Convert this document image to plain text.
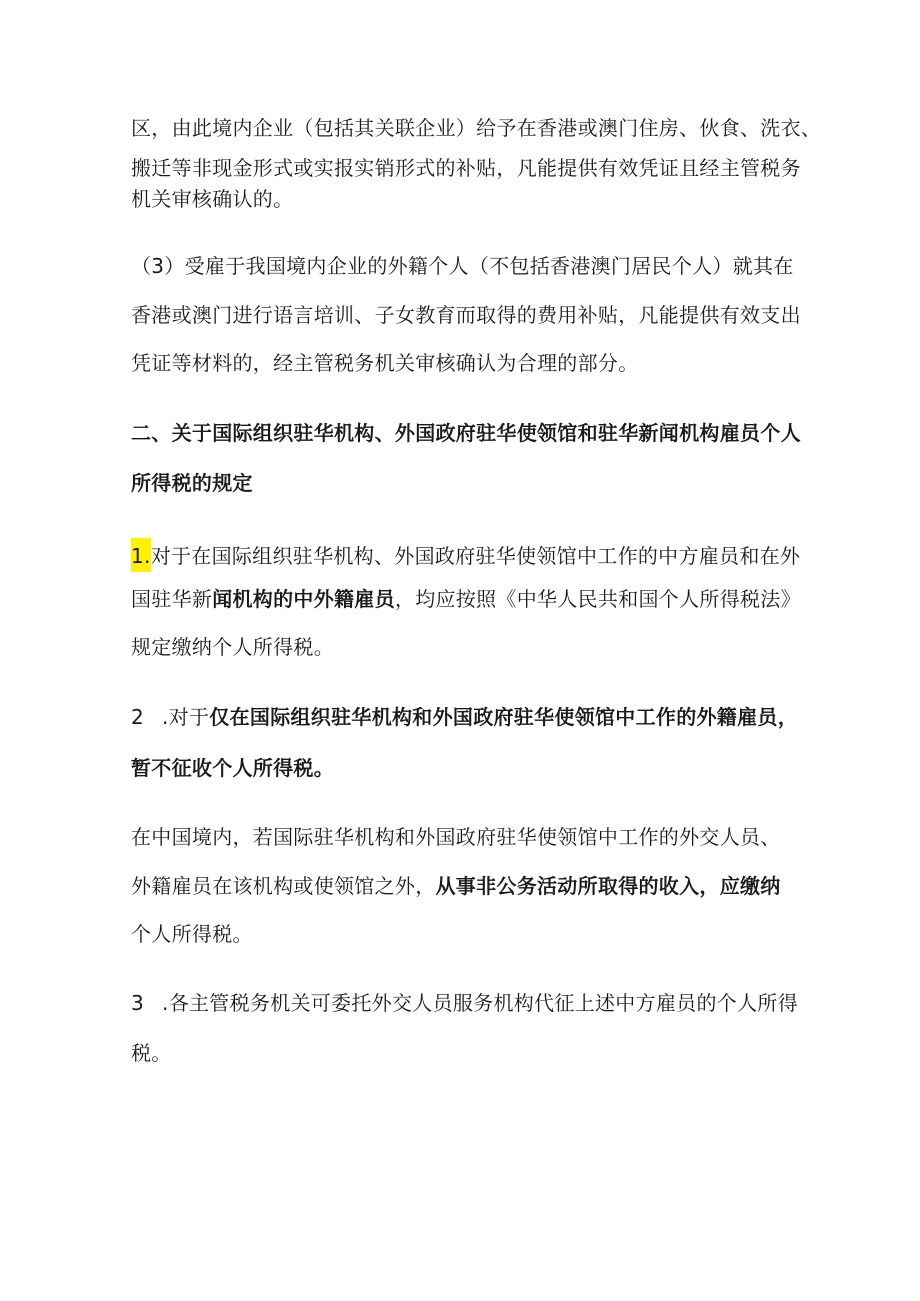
区，由此境内企业（包括其关联企业）给予在香港或澳门住房、伙食、洗衣、
搬迁等非现金形式或实报实销形式的补贴，凡能提供有效凭证且经主管税务
机关审核确认的。
（3）受雇于我国境内企业的外籍个人（不包括香港澳门居民个人）就其在
香港或澳门进行语言培训、子女教育而取得的费用补贴，凡能提供有效支出
凭证等材料的，经主管税务机关审核确认为合理的部分。
二、关于国际组织驻华机构、外国政府驻华使领馆和驻华新闻机构雇员个人
所得税的规定
1.对于在国际组织驻华机构、外国政府驻华使领馆中工作的中方雇员和在外
国驻华新闻机构的中外籍雇员，均应按照《中华人民共和国个人所得税法》
规定缴纳个人所得税。
2 .对于仅在国际组织驻华机构和外国政府驻华使领馆中工作的外籍雇员，
暂不征收个人所得税。
在中国境内，若国际驻华机构和外国政府驻华使领馆中工作的外交人员、
外籍雇员在该机构或使领馆之外，从事非公务活动所取得的收入，应缴纳
个人所得税。
3 .各主管税务机关可委托外交人员服务机构代征上述中方雇员的个人所得
税。
